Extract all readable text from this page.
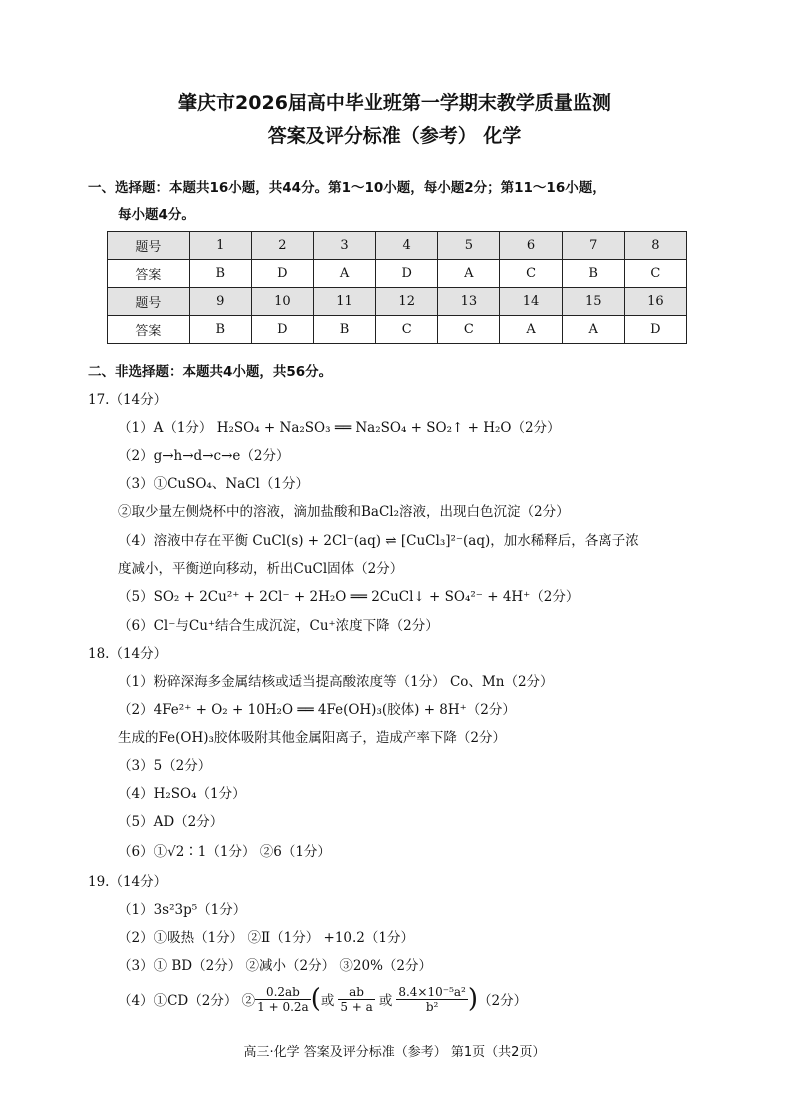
肇庆市2026届高中毕业班第一学期末教学质量监测
答案及评分标准（参考） 化学
一、选择题：本题共16小题，共44分。第1～10小题，每小题2分；第11～16小题，
每小题4分。
题号	1	2	3	4	5	6	7	8
答案	B	D	A	D	A	C	B	C
题号	9	10	11	12	13	14	15	16
答案	B	D	B	C	C	A	A	D
二、非选择题：本题共4小题，共56分。
17.（14分）
（1）A（1分） H₂SO₄ + Na₂SO₃ ══ Na₂SO₄ + SO₂↑ + H₂O（2分）
（2）g→h→d→c→e（2分）
（3）①CuSO₄、NaCl（1分）
②取少量左侧烧杯中的溶液，滴加盐酸和BaCl₂溶液，出现白色沉淀（2分）
（4）溶液中存在平衡 CuCl(s) + 2Cl⁻(aq) ⇌ [CuCl₃]²⁻(aq)，加水稀释后，各离子浓
度减小，平衡逆向移动，析出CuCl固体（2分）
（5）SO₂ + 2Cu²⁺ + 2Cl⁻ + 2H₂O ══ 2CuCl↓ + SO₄²⁻ + 4H⁺（2分）
（6）Cl⁻与Cu⁺结合生成沉淀，Cu⁺浓度下降（2分）
18.（14分）
（1）粉碎深海多金属结核或适当提高酸浓度等（1分） Co、Mn（2分）
（2）4Fe²⁺ + O₂ + 10H₂O ══ 4Fe(OH)₃(胶体) + 8H⁺（2分）
生成的Fe(OH)₃胶体吸附其他金属阳离子，造成产率下降（2分）
（3）5（2分）
（4）H₂SO₄（1分）
（5）AD（2分）
（6）①√2∶1（1分） ②6（1分）
19.（14分）
（1）3s²3p⁵（1分）
（2）①吸热（1分） ②Ⅱ（1分） +10.2（1分）
（3）① BD（2分） ②减小（2分） ③20%（2分）
（4）①CD（2分） ② $\frac{0.2ab}{1 + 0.2a}$ ( 或 $\frac{ab}{5 + a}$ 或 $\frac{\text{8.4×10⁻⁵a²}}{\text{b²}}$ ) （2分）
高三·化学 答案及评分标准（参考） 第1页（共2页）
